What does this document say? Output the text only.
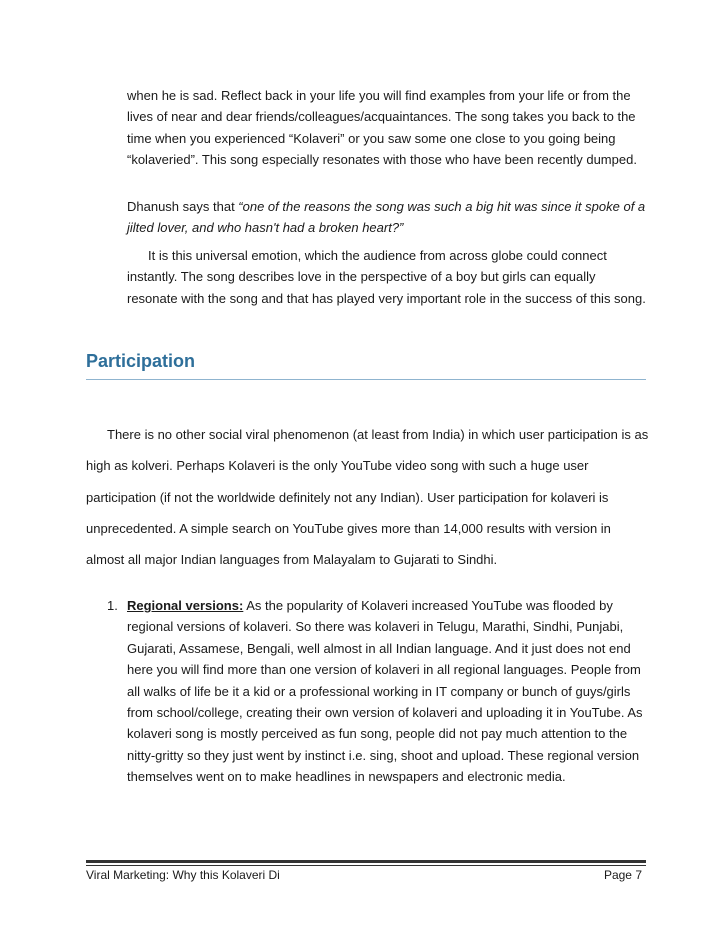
when he is sad. Reflect back in your life you will find examples from your life or from the lives of near and dear friends/colleagues/acquaintances. The song takes you back to the time when you experienced “Kolaveri” or you saw some one close to you going being “kolaveried”. This song especially resonates with those who have been recently dumped.

Dhanush says that “one of the reasons the song was such a big hit was since it spoke of a jilted lover, and who hasn't had a broken heart?”

It is this universal emotion, which the audience from across globe could connect instantly. The song describes love in the perspective of a boy but girls can equally resonate with the song and that has played very important role in the success of this song.

Participation

There is no other social viral phenomenon (at least from India) in which user participation is as high as kolveri. Perhaps Kolaveri is the only YouTube video song with such a huge user participation (if not the worldwide definitely not any Indian). User participation for kolaveri is unprecedented. A simple search on YouTube gives more than 14,000 results with version in almost all major Indian languages from Malayalam to Gujarati to Sindhi.

1. Regional versions: As the popularity of Kolaveri increased YouTube was flooded by regional versions of kolaveri. So there was kolaveri in Telugu, Marathi, Sindhi, Punjabi, Gujarati, Assamese, Bengali, well almost in all Indian language. And it just does not end here you will find more than one version of kolaveri in all regional languages. People from all walks of life be it a kid or a professional working in IT company or bunch of guys/girls from school/college, creating their own version of kolaveri and uploading it in YouTube. As kolaveri song is mostly perceived as fun song, people did not pay much attention to the nitty-gritty so they just went by instinct i.e. sing, shoot and upload. These regional version themselves went on to make headlines in newspapers and electronic media.
Viral Marketing: Why this Kolaveri Di	Page 7
